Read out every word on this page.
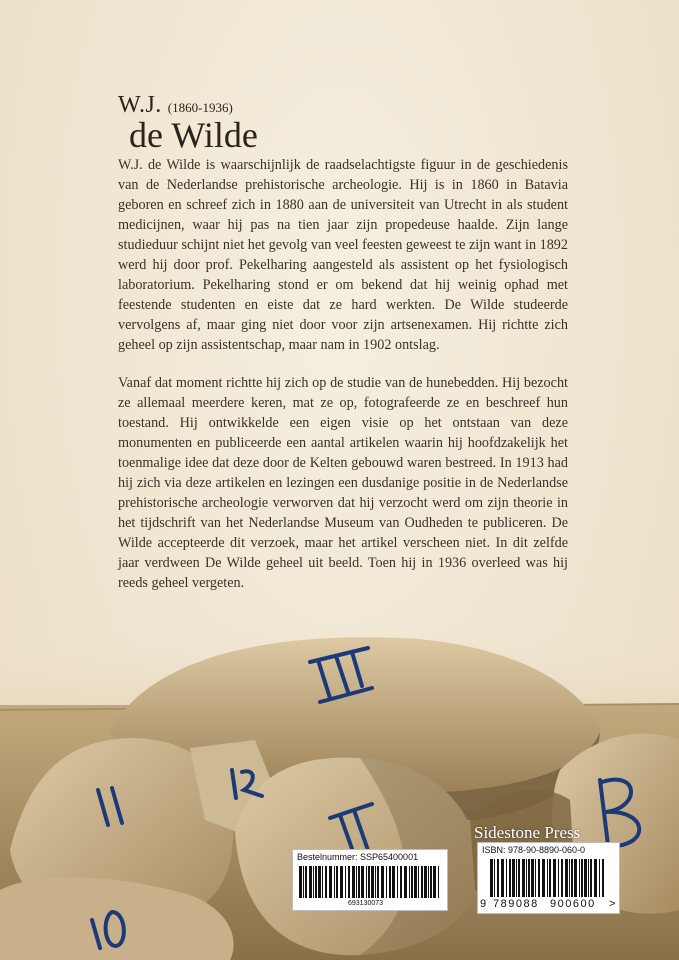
W.J. (1860-1936)
de Wilde

W.J. de Wilde is waarschijnlijk de raadselachtigste figuur in de geschiedenis van de Nederlandse prehistorische archeologie. Hij is in 1860 in Batavia geboren en schreef zich in 1880 aan de universiteit van Utrecht in als student medicijnen, waar hij pas na tien jaar zijn propedeuse haalde. Zijn lange studieduur schijnt niet het gevolg van veel feesten geweest te zijn want in 1892 werd hij door prof. Pekelharing aangesteld als assistent op het fysiologisch laboratorium. Pekelharing stond er om bekend dat hij weinig ophad met feestende studenten en eiste dat ze hard werkten. De Wilde studeerde vervolgens af, maar ging niet door voor zijn artsenexamen. Hij richtte zich geheel op zijn assistentschap, maar nam in 1902 ontslag.

Vanaf dat moment richtte hij zich op de studie van de hunebedden. Hij bezocht ze allemaal meerdere keren, mat ze op, fotografeerde ze en beschreef hun toestand. Hij ontwikkelde een eigen visie op het ontstaan van deze monumenten en publiceerde een aantal artikelen waarin hij hoofdzakelijk het toenmalige idee dat deze door de Kelten gebouwd waren bestreed. In 1913 had hij zich via deze artikelen en lezingen een dusdanige positie in de Nederlandse prehistorische archeologie verworven dat hij verzocht werd om zijn theorie in het tijdschrift van het Nederlandse Museum van Oudheden te publiceren. De Wilde accepteerde dit verzoek, maar het artikel verscheen niet. In dit zelfde jaar verdween De Wilde geheel uit beeld. Toen hij in 1936 overleed was hij reeds geheel vergeten.

Sidestone Press
Bestelnummer: SSP65400001
693130073
ISBN: 978-90-8890-060-0
9 789088 900600 >
